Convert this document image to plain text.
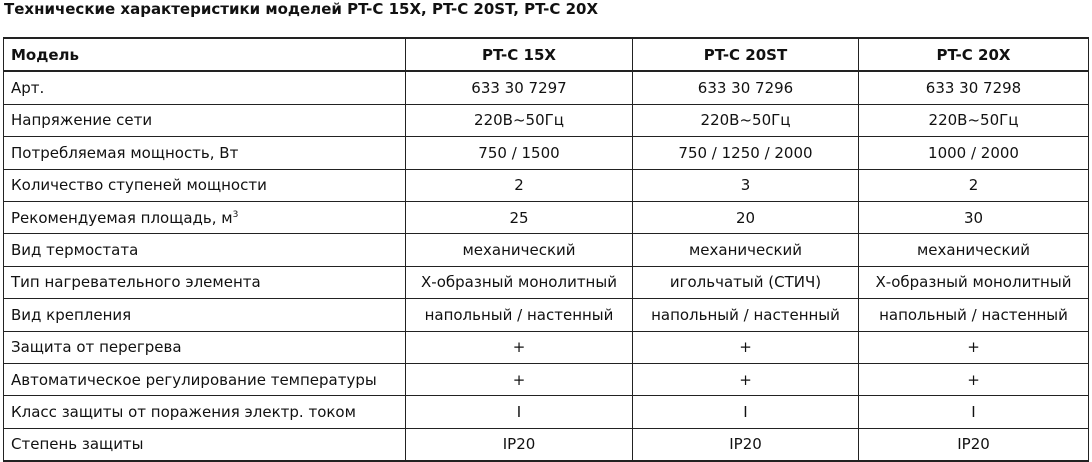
Технические характеристики моделей PT-C 15X, PT-C 20ST, PT-C 20X
Модель	PT-C 15X	PT-C 20ST	PT-C 20X
Арт.	633 30 7297	633 30 7296	633 30 7298
Напряжение сети	220В~50Гц	220В~50Гц	220В~50Гц
Потребляемая мощность, Вт	750 / 1500	750 / 1250 / 2000	1000 / 2000
Количество ступеней мощности	2	3	2
Рекомендуемая площадь, $м^3$	25	20	30
Вид термостата	механический	механический	механический
Тип нагревательного элемента	Х-образный монолитный	игольчатый (СТИЧ)	Х-образный монолитный
Вид крепления	напольный / настенный	напольный / настенный	напольный / настенный
Защита от перегрева	+	+	+
Автоматическое регулирование температуры	+	+	+
Класс защиты от поражения электр. током	I	I	I
Степень защиты	IP20	IP20	IP20
